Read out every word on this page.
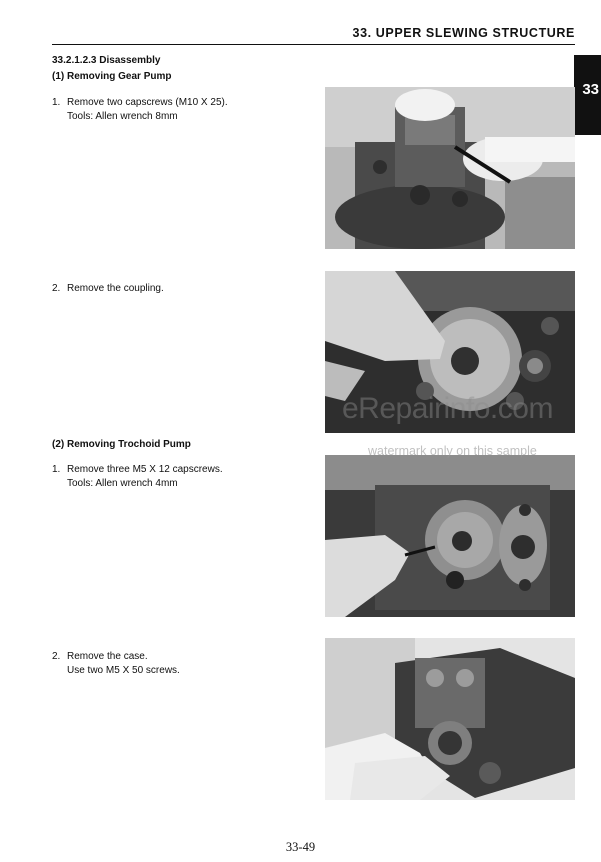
33. UPPER SLEWING STRUCTURE
33
33.2.1.2.3 Disassembly
(1) Removing Gear Pump
1. Remove two capscrews (M10 X 25).
Tools: Allen wrench 8mm
2. Remove the coupling.
(2) Removing Trochoid Pump
1. Remove three M5 X 12 capscrews.
Tools: Allen wrench 4mm
2. Remove the case.
Use two M5 X 50 screws.
eRepairinfo.com
watermark only on this sample
33-49
